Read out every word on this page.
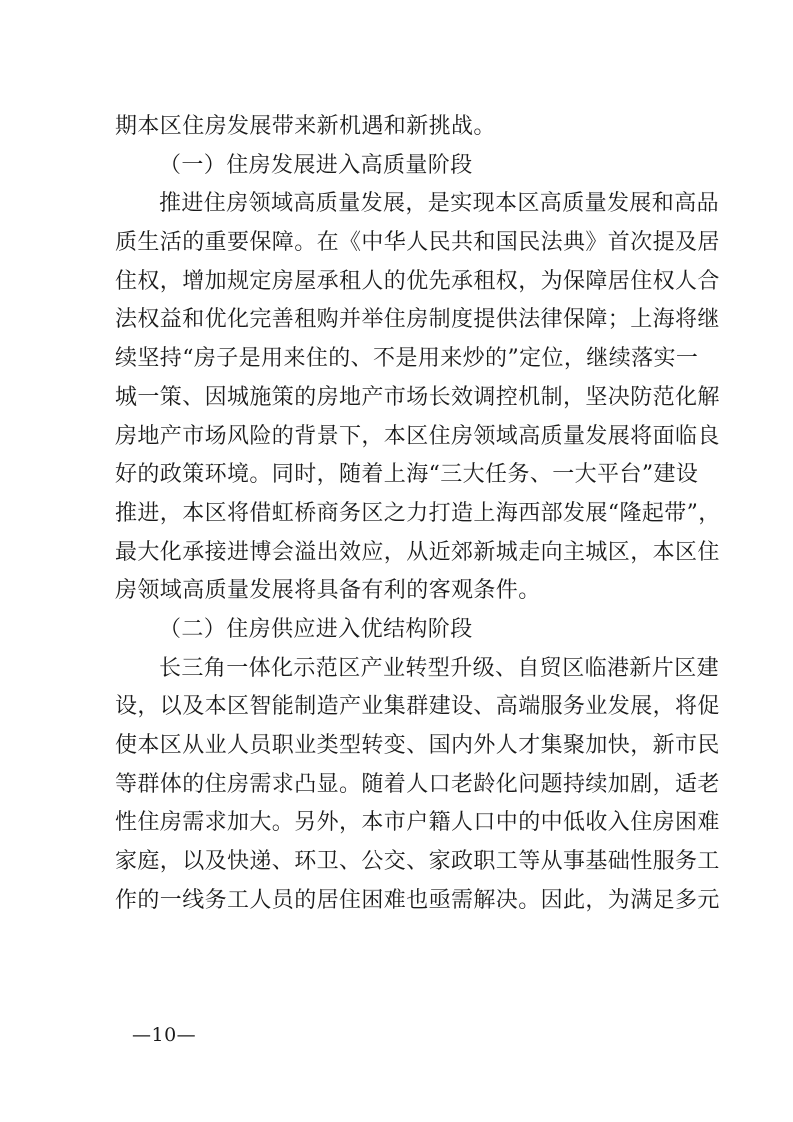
期本区住房发展带来新机遇和新挑战。
（一）住房发展进入高质量阶段
推进住房领域高质量发展，是实现本区高质量发展和高品
质生活的重要保障。在《中华人民共和国民法典》首次提及居
住权，增加规定房屋承租人的优先承租权，为保障居住权人合
法权益和优化完善租购并举住房制度提供法律保障；上海将继
续坚持“房子是用来住的、不是用来炒的”定位，继续落实一
城一策、因城施策的房地产市场长效调控机制，坚决防范化解
房地产市场风险的背景下，本区住房领域高质量发展将面临良
好的政策环境。同时，随着上海“三大任务、一大平台”建设
推进，本区将借虹桥商务区之力打造上海西部发展“隆起带”，
最大化承接进博会溢出效应，从近郊新城走向主城区，本区住
房领域高质量发展将具备有利的客观条件。
（二）住房供应进入优结构阶段
长三角一体化示范区产业转型升级、自贸区临港新片区建
设，以及本区智能制造产业集群建设、高端服务业发展，将促
使本区从业人员职业类型转变、国内外人才集聚加快，新市民
等群体的住房需求凸显。随着人口老龄化问题持续加剧，适老
性住房需求加大。另外，本市户籍人口中的中低收入住房困难
家庭，以及快递、环卫、公交、家政职工等从事基础性服务工
作的一线务工人员的居住困难也亟需解决。因此，为满足多元
—10—
